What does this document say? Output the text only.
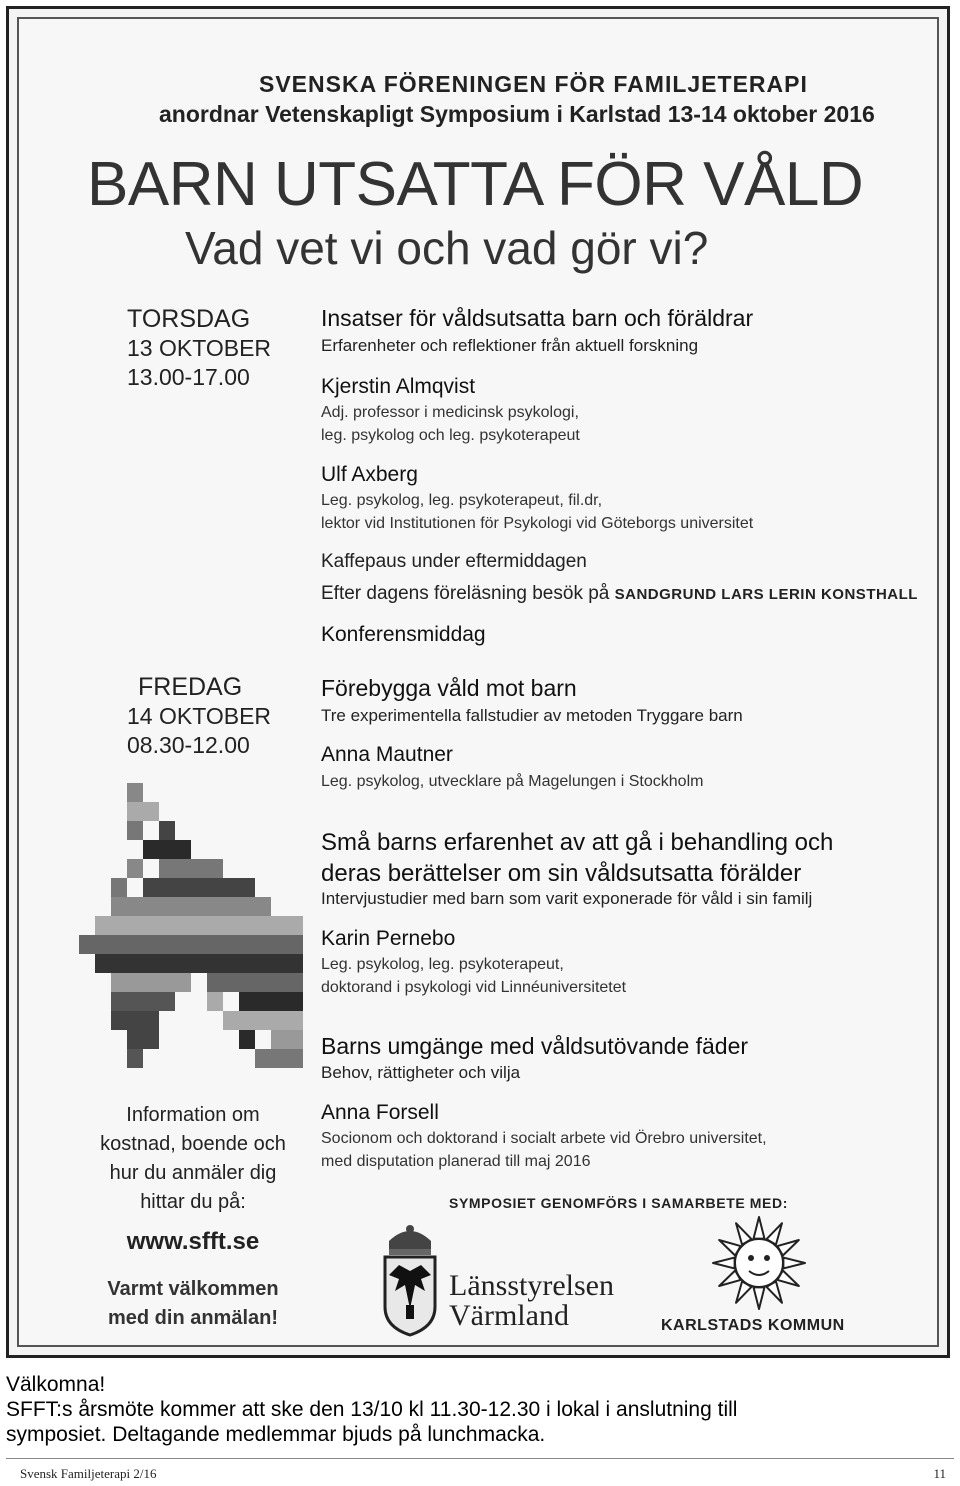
SVENSKA FÖRENINGEN FÖR FAMILJETERAPI
anordnar Vetenskapligt Symposium i Karlstad 13-14 oktober 2016
BARN UTSATTA FÖR VÅLD
Vad vet vi och vad gör vi?
TORSDAG
13 OKTOBER
13.00-17.00
Insatser för våldsutsatta barn och föräldrar
Erfarenheter och reflektioner från aktuell forskning
Kjerstin Almqvist
Adj. professor i medicinsk psykologi,
leg. psykolog och leg. psykoterapeut
Ulf Axberg
Leg. psykolog, leg. psykoterapeut, fil.dr,
lektor vid Institutionen för Psykologi vid Göteborgs universitet
Kaffepaus under eftermiddagen
Efter dagens föreläsning besök på SANDGRUND LARS LERIN KONSTHALL
Konferensmiddag
FREDAG
14 OKTOBER
08.30-12.00
Förebygga våld mot barn
Tre experimentella fallstudier av metoden Tryggare barn
Anna Mautner
Leg. psykolog, utvecklare på Magelungen i Stockholm
Små barns erfarenhet av att gå i behandling och
deras berättelser om sin våldsutsatta förälder
Intervjustudier med barn som varit exponerade för våld i sin familj
Karin Pernebo
Leg. psykolog, leg. psykoterapeut,
doktorand i psykologi vid Linnéuniversitetet
Barns umgänge med våldsutövande fäder
Behov, rättigheter och vilja
Anna Forsell
Socionom och doktorand i socialt arbete vid Örebro universitet,
med disputation planerad till maj 2016
Information om
kostnad, boende och
hur du anmäler dig
hittar du på:
www.sfft.se
Varmt välkommen
med din anmälan!
SYMPOSIET GENOMFÖRS I SAMARBETE MED:
Länsstyrelsen
Värmland	KARLSTADS KOMMUN
Välkomna!
SFFT:s årsmöte kommer att ske den 13/10 kl 11.30-12.30 i lokal i anslutning till
symposiet. Deltagande medlemmar bjuds på lunchmacka.
Svensk Familjeterapi 2/16	11
